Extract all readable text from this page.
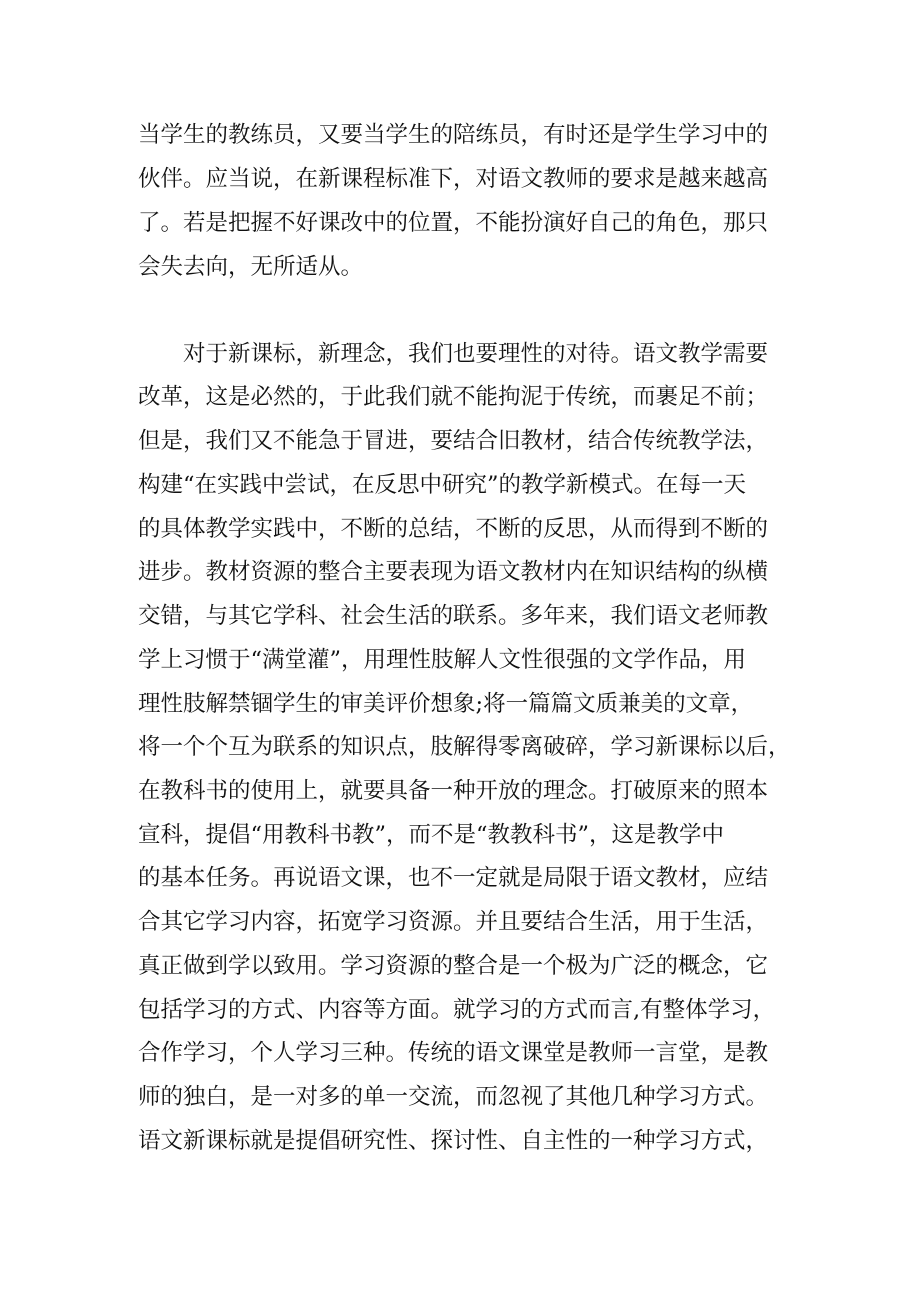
当学生的教练员，又要当学生的陪练员，有时还是学生学习中的
伙伴。应当说，在新课程标准下，对语文教师的要求是越来越高
了。若是把握不好课改中的位置，不能扮演好自己的角色，那只
会失去向，无所适从。
　　对于新课标，新理念，我们也要理性的对待。语文教学需要
改革，这是必然的，于此我们就不能拘泥于传统，而裹足不前；
但是，我们又不能急于冒进，要结合旧教材，结合传统教学法，
构建“在实践中尝试，在反思中研究”的教学新模式。在每一天
的具体教学实践中，不断的总结，不断的反思，从而得到不断的
进步。教材资源的整合主要表现为语文教材内在知识结构的纵横
交错，与其它学科、社会生活的联系。多年来，我们语文老师教
学上习惯于“满堂灌”，用理性肢解人文性很强的文学作品，用
理性肢解禁锢学生的审美评价想象;将一篇篇文质兼美的文章，
将一个个互为联系的知识点，肢解得零离破碎，学习新课标以后，
在教科书的使用上，就要具备一种开放的理念。打破原来的照本
宣科，提倡“用教科书教”，而不是“教教科书”，这是教学中
的基本任务。再说语文课，也不一定就是局限于语文教材，应结
合其它学习内容，拓宽学习资源。并且要结合生活，用于生活，
真正做到学以致用。学习资源的整合是一个极为广泛的概念，它
包括学习的方式、内容等方面。就学习的方式而言,有整体学习，
合作学习，个人学习三种。传统的语文课堂是教师一言堂，是教
师的独白，是一对多的单一交流，而忽视了其他几种学习方式。
语文新课标就是提倡研究性、探讨性、自主性的一种学习方式，
